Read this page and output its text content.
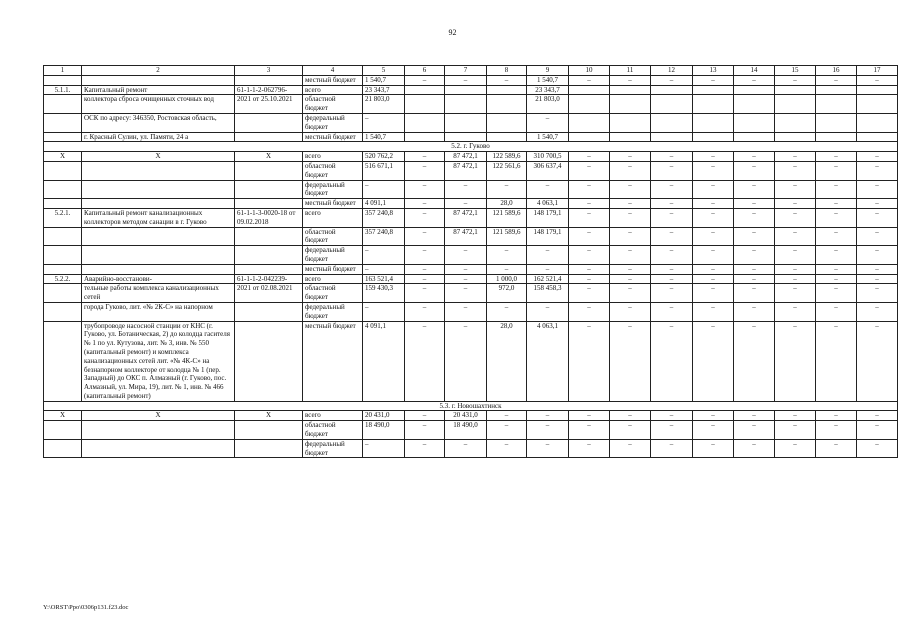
92
1	2	3	4	5	6	7	8	9	10	11	12	13	14	15	16	17
			местный бюджет	1 540,7	–	–	–	1 540,7	–	–	–	–	–	–	–	–
5.1.1.	Капитальный ремонт	61-1-1-2-062796-	всего	23 343,7				23 343,7								
	коллектора сброса очищенных сточных вод	2021 от 25.10.2021	областной бюджет	21 803,0				21 803,0								
	ОСК по адресу: 346350, Ростовская область,		федеральный бюджет	–				–								
	г. Красный Сулин, ул. Памяти, 24 а		местный бюджет	1 540,7				1 540,7								
5.2. г. Гуково																
Х	Х	Х	всего	520 762,2	–	87 472,1	122 589,6	310 700,5	–	–	–	–	–	–	–	–
			областной бюджет	516 671,1	–	87 472,1	122 561,6	306 637,4	–	–	–	–	–	–	–	–
			федеральный бюджет	–	–	–	–	–	–	–	–	–	–	–	–	–
			местный бюджет	4 091,1	–	–	28,0	4 063,1	–	–	–	–	–	–	–	–
5.2.1.	Капитальный ремонт канализационных коллекторов методом санации в г. Гуково	61-1-1-3-0020-18 от 09.02.2018	всего	357 240,8	–	87 472,1	121 589,6	148 179,1	–	–	–	–	–	–	–	–
			областной бюджет	357 240,8	–	87 472,1	121 589,6	148 179,1	–	–	–	–	–	–	–	–
			федеральный бюджет	–	–	–	–	–	–	–	–	–	–	–	–	–
			местный бюджет	–	–	–	–	–	–	–	–	–	–	–	–	–
5.2.2.	Аварийно-восстанови-	61-1-1-2-042239-	всего	163 521,4	–	–	1 000,0	162 521,4	–	–	–	–	–	–	–	–
	тельные работы комплекса канализационных сетей	2021 от 02.08.2021	областной бюджет	159 430,3	–	–	972,0	158 458,3	–	–	–	–	–	–	–	–
	города Гуково, лит. «№ 2К-С» на напорном		федеральный бюджет	–	–	–	–	–	–	–	–	–	–	–	–	–
	трубопроводе насосной станции от КНС (г. Гуково, ул. Ботаническая, 2) до колодца гасителя № 1 по ул. Кутузова, лит. № 3, инв. № 550 (капитальный ремонт) и комплекса канализационных сетей лит. «№ 4К-С» на безнапорном коллекторе от колодца № 1 (пер. Западный) до ОКС п. Алмазный (г. Гуково, пос. Алмазный, ул. Мира, 19), лит. № 1, инв. № 466 (капитальный ремонт)		местный бюджет	4 091,1	–	–	28,0	4 063,1	–	–	–	–	–	–	–	–
5.3. г. Новошахтинск																
Х	Х	Х	всего	20 431,0	–	20 431,0	–	–	–	–	–	–	–	–	–	–
			областной бюджет	18 490,0	–	18 490,0	–	–	–	–	–	–	–	–	–	–
			федеральный бюджет	–	–	–	–	–	–	–	–	–	–	–	–	–
Y:\ORST\Ppo\0306p131.f23.doc
